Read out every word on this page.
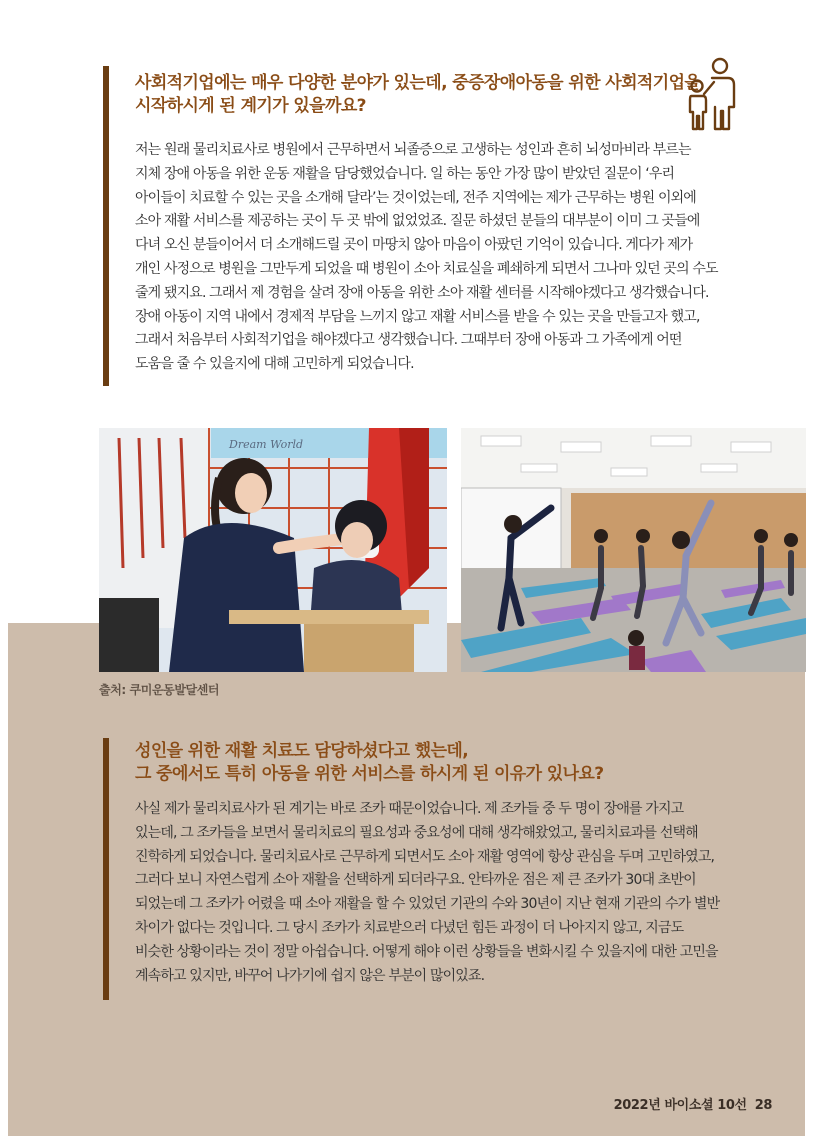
사회적기업에는 매우 다양한 분야가 있는데, 중증장애아동을 위한 사회적기업을
시작하시게 된 계기가 있을까요?

저는 원래 물리치료사로 병원에서 근무하면서 뇌졸증으로 고생하는 성인과 흔히 뇌성마비라 부르는
지체 장애 아동을 위한 운동 재활을 담당했었습니다. 일 하는 동안 가장 많이 받았던 질문이 ‘우리
아이들이 치료할 수 있는 곳을 소개해 달라’는 것이었는데, 전주 지역에는 제가 근무하는 병원 이외에
소아 재활 서비스를 제공하는 곳이 두 곳 밖에 없었었죠. 질문 하셨던 분들의 대부분이 이미 그 곳들에
다녀 오신 분들이어서 더 소개해드릴 곳이 마땅치 않아 마음이 아팠던 기억이 있습니다. 게다가 제가
개인 사정으로 병원을 그만두게 되었을 때 병원이 소아 치료실을 폐쇄하게 되면서 그나마 있던 곳의 수도
줄게 됐지요. 그래서 제 경험을 살려 장애 아동을 위한 소아 재활 센터를 시작해야겠다고 생각했습니다.
장애 아동이 지역 내에서 경제적 부담을 느끼지 않고 재활 서비스를 받을 수 있는 곳을 만들고자 했고,
그래서 처음부터 사회적기업을 해야겠다고 생각했습니다. 그때부터 장애 아동과 그 가족에게 어떤
도움을 줄 수 있을지에 대해 고민하게 되었습니다.

Dream World

출처: 쿠미운동발달센터

성인을 위한 재활 치료도 담당하셨다고 했는데,
그 중에서도 특히 아동을 위한 서비스를 하시게 된 이유가 있나요?

사실 제가 물리치료사가 된 계기는 바로 조카 때문이었습니다. 제 조카들 중 두 명이 장애를 가지고
있는데, 그 조카들을 보면서 물리치료의 필요성과 중요성에 대해 생각해왔었고, 물리치료과를 선택해
진학하게 되었습니다. 물리치료사로 근무하게 되면서도 소아 재활 영역에 항상 관심을 두며 고민하였고,
그러다 보니 자연스럽게 소아 재활을 선택하게 되더라구요. 안타까운 점은 제 큰 조카가 30대 초반이
되었는데 그 조카가 어렸을 때 소아 재활을 할 수 있었던 기관의 수와 30년이 지난 현재 기관의 수가 별반
차이가 없다는 것입니다. 그 당시 조카가 치료받으러 다녔던 힘든 과정이 더 나아지지 않고, 지금도
비슷한 상황이라는 것이 정말 아쉽습니다. 어떻게 해야 이런 상황들을 변화시킬 수 있을지에 대한 고민을
계속하고 있지만, 바꾸어 나가기에 쉽지 않은 부분이 많이있죠.

2022년 바이소셜 10선 28
